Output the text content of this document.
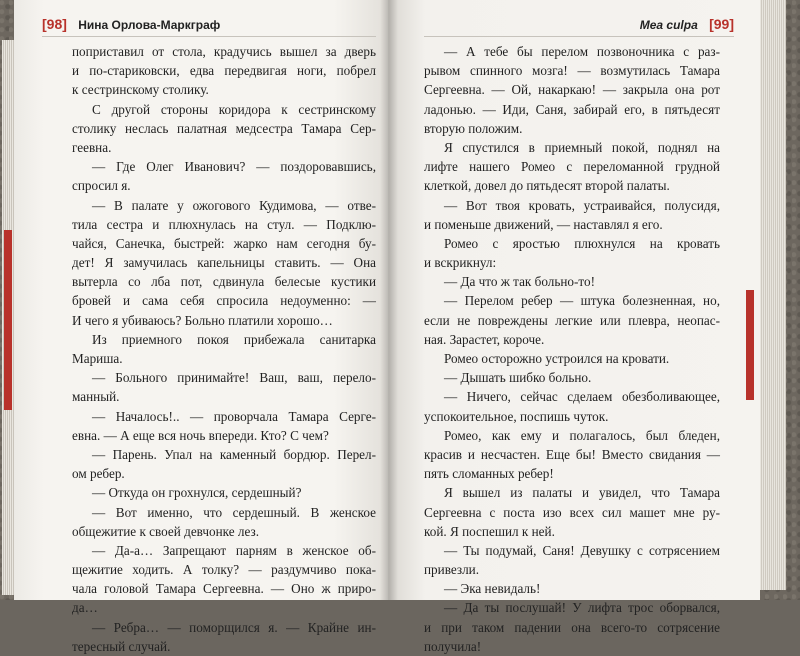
[98] Нина Орлова-Маркграф
поприставил от стола, крадучись вышел за дверь
и по-стариковски, едва передвигая ноги, побрел
к сестринскому столику.
С другой стороны коридора к сестринскому
столику неслась палатная медсестра Тамара Сер-
геевна.
— Где Олег Иванович? — поздоровавшись,
спросил я.
— В палате у ожогового Кудимова, — отве-
тила сестра и плюхнулась на стул. — Подклю-
чайся, Санечка, быстрей: жарко нам сегодня бу-
дет! Я замучилась капельницы ставить. — Она
вытерла со лба пот, сдвинула белесые кустики
бровей и сама себя спросила недоуменно: —
И чего я убиваюсь? Больно платили хорошо…
Из приемного покоя прибежала санитарка
Мариша.
— Больного принимайте! Ваш, ваш, перело-
манный.
— Началось!.. — проворчала Тамара Серге-
евна. — А еще вся ночь впереди. Кто? С чем?
— Парень. Упал на каменный бордюр. Перел-
ом ребер.
— Откуда он грохнулся, сердешный?
— Вот именно, что сердешный. В женское
общежитие к своей девчонке лез.
— Да-а… Запрещают парням в женское об-
щежитие ходить. А толку? — раздумчиво пока-
чала головой Тамара Сергеевна. — Оно ж приро-
да…
— Ребра… — поморщился я. — Крайне ин-
тересный случай.
Mea culpa [99]
— А тебе бы перелом позвоночника с раз-
рывом спинного мозга! — возмутилась Тамара
Сергеевна. — Ой, накаркаю! — закрыла она рот
ладонью. — Иди, Саня, забирай его, в пятьдесят
вторую положим.
Я спустился в приемный покой, поднял на
лифте нашего Ромео с переломанной грудной
клеткой, довел до пятьдесят второй палаты.
— Вот твоя кровать, устраивайся, полусидя,
и поменьше движений, — наставлял я его.
Ромео с яростью плюхнулся на кровать
и вскрикнул:
— Да что ж так больно-то!
— Перелом ребер — штука болезненная, но,
если не повреждены легкие или плевра, неопас-
ная. Зарастет, короче.
Ромео осторожно устроился на кровати.
— Дышать шибко больно.
— Ничего, сейчас сделаем обезболивающее,
успокоительное, поспишь чуток.
Ромео, как ему и полагалось, был бледен,
красив и несчастен. Еще бы! Вместо свидания —
пять сломанных ребер!
Я вышел из палаты и увидел, что Тамара
Сергеевна с поста изо всех сил машет мне ру-
кой. Я поспешил к ней.
— Ты подумай, Саня! Девушку с сотрясением
привезли.
— Эка невидаль!
— Да ты послушай! У лифта трос оборвался,
и при таком падении она всего-то сотрясение
получила!
